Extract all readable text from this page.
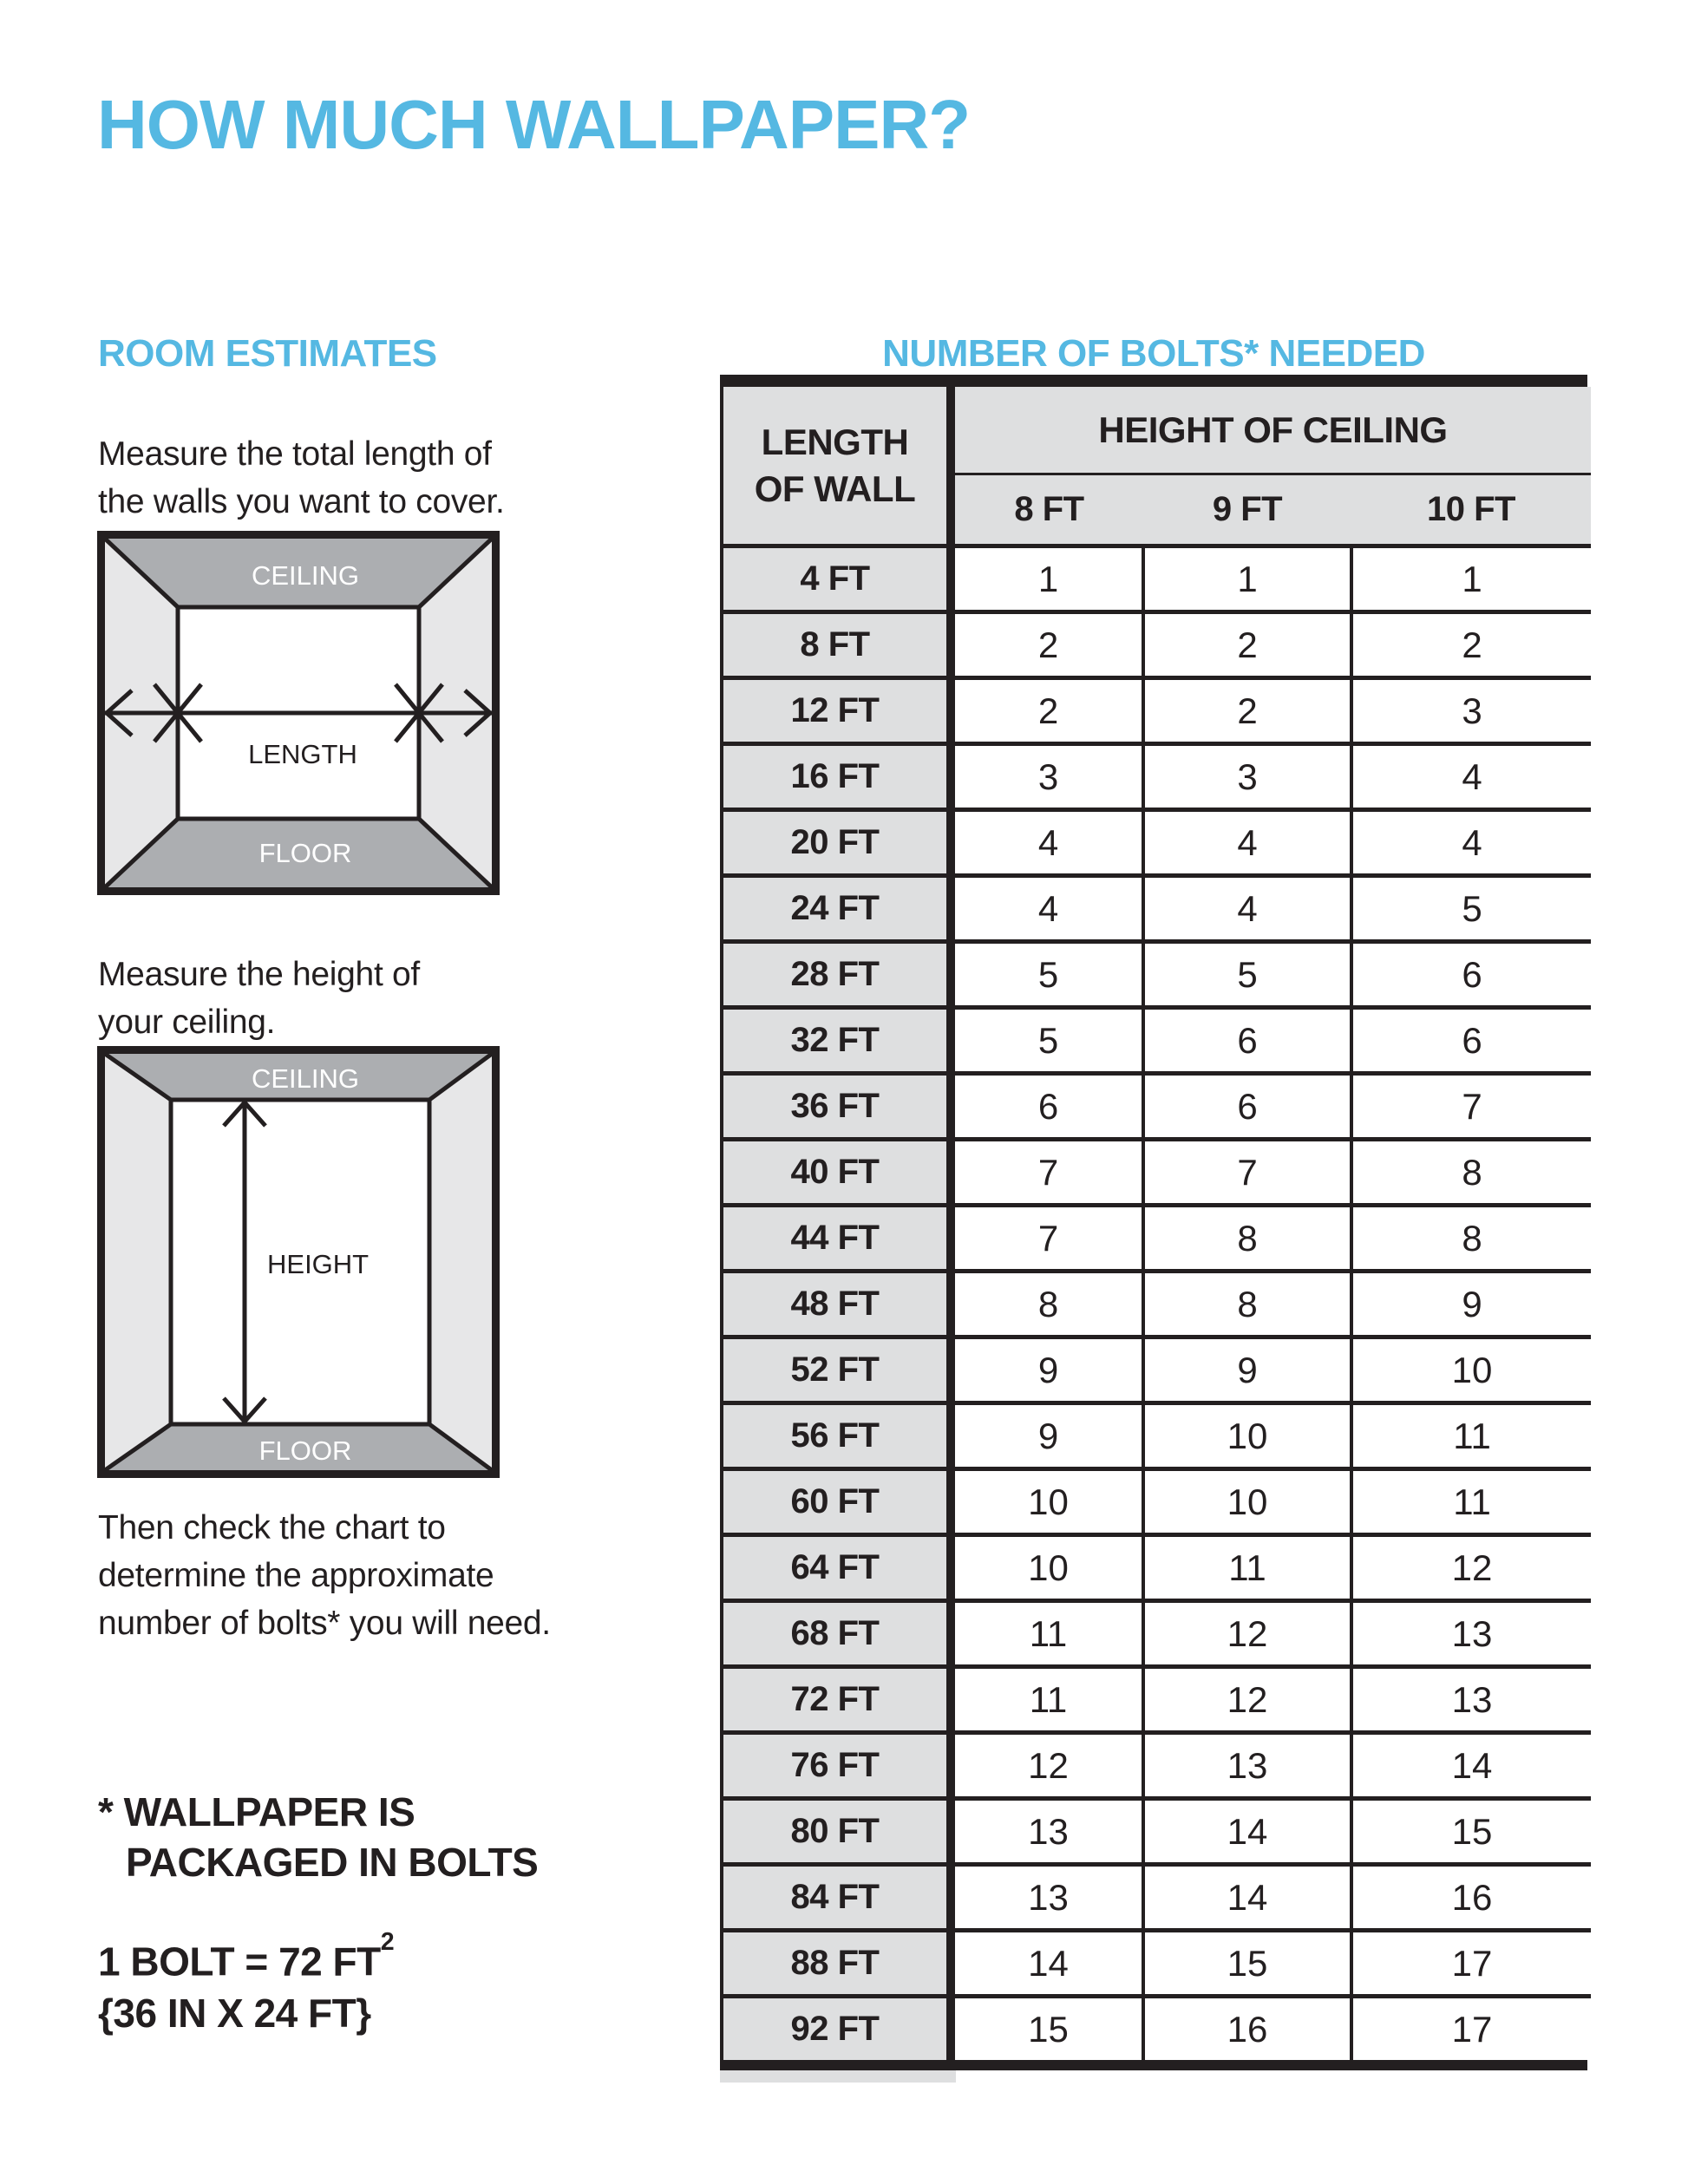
HOW MUCH WALLPAPER?
ROOM ESTIMATES	NUMBER OF BOLTS* NEEDED
Measure the total length of
the walls you want to cover.
CEILING
FLOOR
LENGTH
Measure the height of
your ceiling.
CEILING
FLOOR
HEIGHT
Then check the chart to
determine the approximate
number of bolts* you will need.
* WALLPAPER IS
PACKAGED IN BOLTS
1 BOLT = 72 $FT^2$
{36 IN X 24 FT}
LENGTH
OF WALL	HEIGHT OF CEILING		
	8 FT	9 FT	10 FT
4 FT	1	1	1
8 FT	2	2	2
12 FT	2	2	3
16 FT	3	3	4
20 FT	4	4	4
24 FT	4	4	5
28 FT	5	5	6
32 FT	5	6	6
36 FT	6	6	7
40 FT	7	7	8
44 FT	7	8	8
48 FT	8	8	9
52 FT	9	9	10
56 FT	9	10	11
60 FT	10	10	11
64 FT	10	11	12
68 FT	11	12	13
72 FT	11	12	13
76 FT	12	13	14
80 FT	13	14	15
84 FT	13	14	16
88 FT	14	15	17
92 FT	15	16	17
